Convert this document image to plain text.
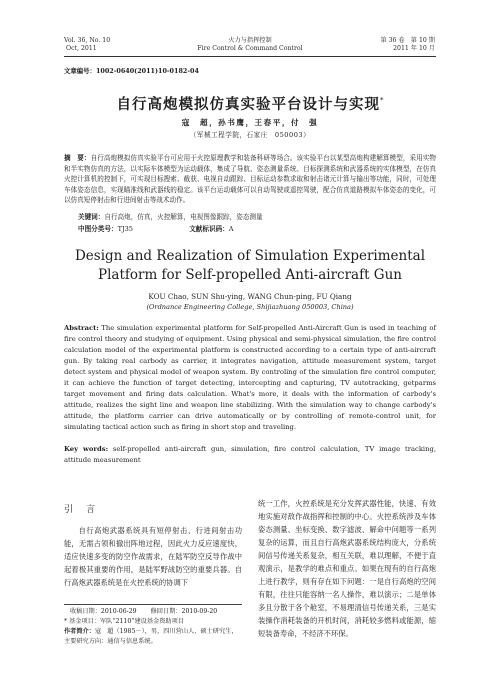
Vol. 36, No. 10
Oct, 2011
火力与指挥控制
Fire Control & Command Control
第 36 卷　第 10 期
2011 年 10 月
文章编号：1002-0640(2011)10-0182-04
自行高炮模拟仿真实验平台设计与实现*
寇　超，孙书鹰，王春平，付　强
（军械工程学院，石家庄　050003）
摘　要：自行高炮模拟仿真实验平台可应用于火控原理教学和装备科研等场合。该实验平台以某型高炮构建解算模型，采用实物和半实物仿真的方法，以实际车体模型为运动载体，集成了导航、姿态测量系统、目标探测系统和武器系统的实体模型，在仿真火控计算机的控制下，可实现目标搜索、截获、电视自动跟踪、目标运动参数求取和射击诸元计算与输出等功能，同时，可处理车体姿态信息，实现瞄准线和武器线的稳定。该平台运动载体可以自动驾驶或遥控驾驶，配合仿真道路模拟车体姿态的变化，可以仿真短停射击和行进间射击等战术动作。
关键词：自行高炮，仿真，火控解算，电视图像跟踪，姿态测量
中图分类号：TJ35	文献标识码：A
Design and Realization of Simulation Experimental
Platform for Self-propelled Anti-aircraft Gun
KOU Chao, SUN Shu-ying, WANG Chun-ping, FU Qiang
(Ordnance Engineering College, Shijiazhuang 050003, China)
Abstract: The simulation experimental platform for Self-propelled Anti-Aircraft Gun is used in teaching of fire control theory and studying of equipment. Using physical and semi-physical simulation, the fire control calculation model of the experimental platform is constructed according to a certain type of anti-aircraft gun. By taking real carbody as carrier, it integrates navigation, attitude measurement system, target detect system and physical model of weapon system. By controling of the simulation fire control computer, it can achieve the function of target detecting, intercepting and capturing, TV autotracking, getparms target movement and firing dats calculation. What's more, it deals with the information of carbody's attitude, realizes the sight line and weapon line stabilizing. With the simulation way to change carbody's attitude, the platform carrier can drive automatically or by controlling of remote-control unit, for simulating tactical action such as firing in short stop and traveling.
Key words: self-propelled anti-aircraft gun, simulation, fire control calculation, TV image tracking, attitude measurement
引　言
自行高炮武器系统具有短停射击、行进间射击功能，无需占领和撤出阵地过程，因此火力反应速度快，适应快速多变的防空作战需求，在陆军防空反导作战中起着极其重要的作用，是陆军野战防空的重要兵器。自行高炮武器系统是在火控系统的协调下
收稿日期：2010-06-29 修回日期：2010-09-20
* 基金项目：军队“2110”建设基金资助项目
作者简介：寇　超（1985－），男，四川营山人，硕士研究生，主要研究方向：通信与信息系统。
统一工作，火控系统是充分发挥武器性能，快速、有效地实施对敌作战指挥和控制的中心。火控系统涉及车体姿态测量、坐标变换、数字滤波、解命中问题等一系列复杂的运算，而且自行高炮武器系统结构庞大，分系统间信号传递关系复杂，相互关联，难以理解，不便于直观演示，是教学的难点和重点。如果在现有的自行高炮上进行教学，则有存在如下问题：一是自行高炮的空间有限，往往只能容纳一名人操作，难以演示；二是单体多且分散于各个舱室，不易理清信号传递关系，三是实装操作消耗装备的开机时间，消耗较多燃料或能源，缩短装备寿命，不经济不环保。
